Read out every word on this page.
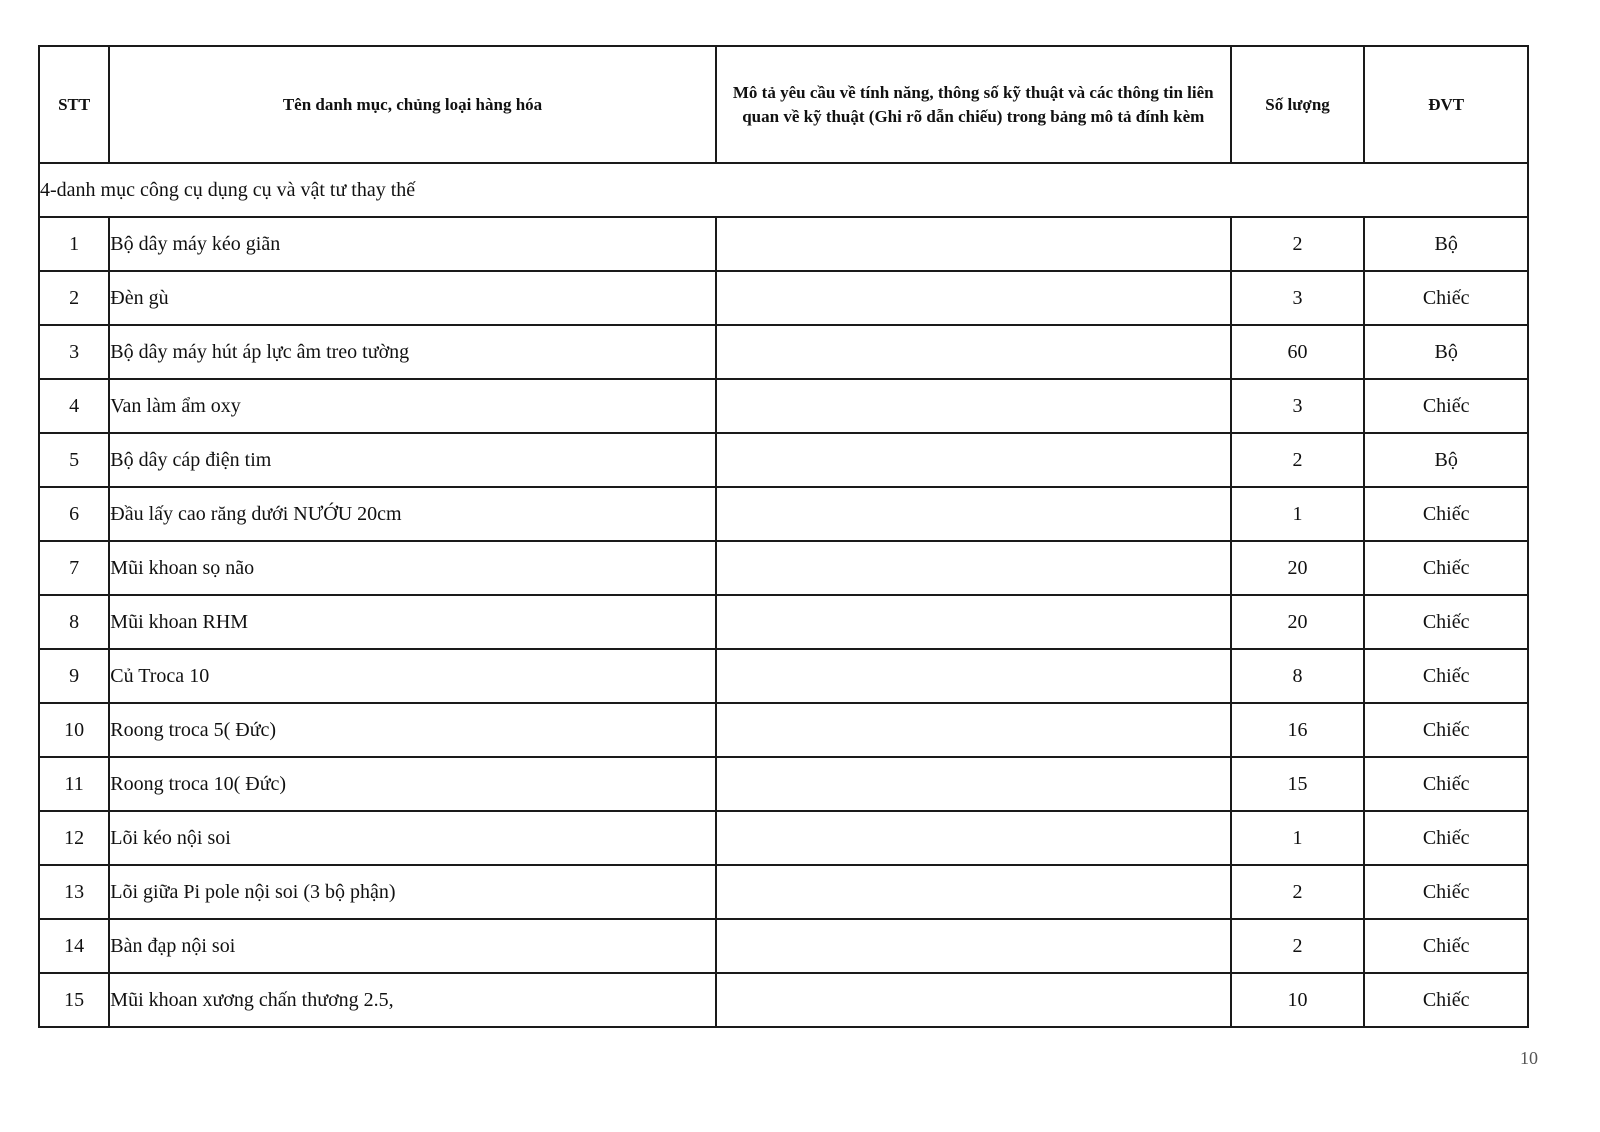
STT	Tên danh mục, chủng loại hàng hóa	Mô tả yêu cầu về tính năng, thông số kỹ thuật và các thông tin liên quan về kỹ thuật (Ghi rõ dẫn chiếu) trong bảng mô tả đính kèm	Số lượng	ĐVT
4-danh mục công cụ dụng cụ và vật tư thay thế				
1	Bộ dây máy kéo giãn		2	Bộ
2	Đèn gù		3	Chiếc
3	Bộ dây máy hút áp lực âm treo tường		60	Bộ
4	Van làm ẩm oxy		3	Chiếc
5	Bộ dây cáp điện tim		2	Bộ
6	Đầu lấy cao răng dưới NƯỚU 20cm		1	Chiếc
7	Mũi khoan sọ não		20	Chiếc
8	Mũi khoan RHM		20	Chiếc
9	Củ Troca 10		8	Chiếc
10	Roong troca 5( Đức)		16	Chiếc
11	Roong troca 10( Đức)		15	Chiếc
12	Lõi kéo nội soi		1	Chiếc
13	Lõi giữa Pi pole nội soi (3 bộ phận)		2	Chiếc
14	Bàn đạp nội soi		2	Chiếc
15	Mũi khoan xương chấn thương 2.5,		10	Chiếc
10
